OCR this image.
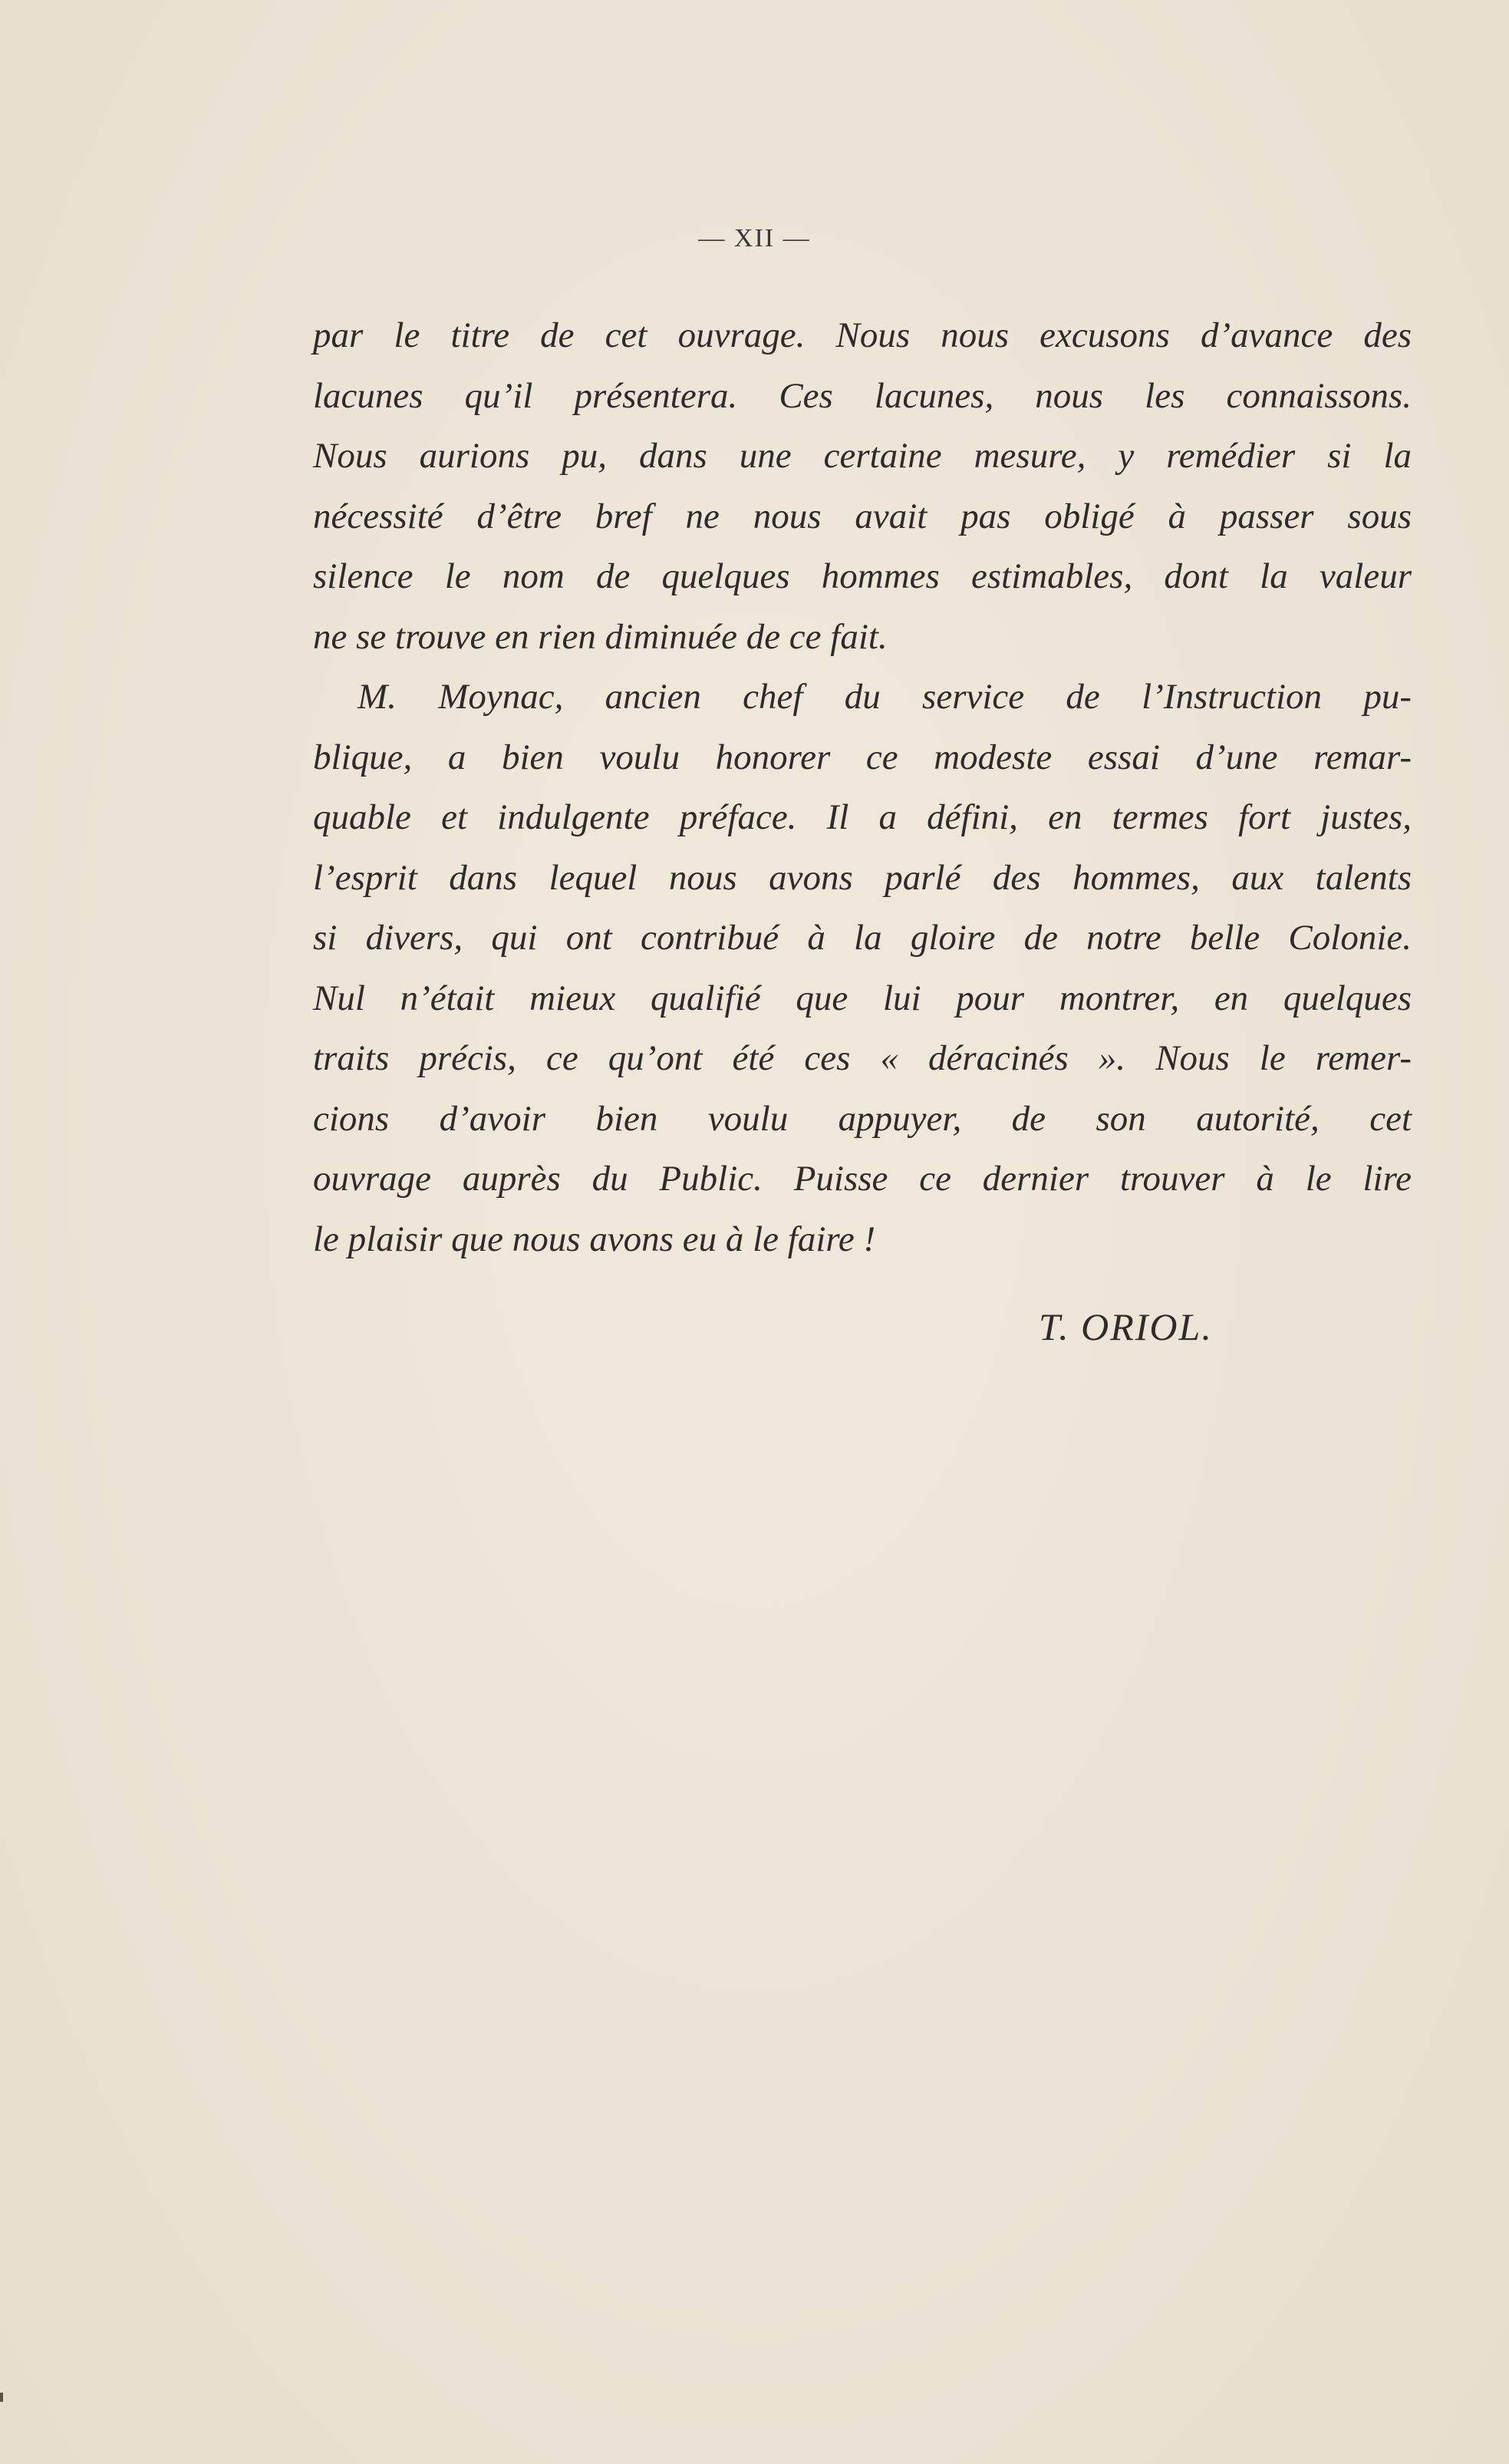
— XII —

par le titre de cet ouvrage. Nous nous excusons d’avance des

lacunes qu’il présentera. Ces lacunes, nous les connaissons.

Nous aurions pu, dans une certaine mesure, y remédier si la

nécessité d’être bref ne nous avait pas obligé à passer sous

silence le nom de quelques hommes estimables, dont la valeur

ne se trouve en rien diminuée de ce fait.

M. Moynac, ancien chef du service de l’Instruction pu-

blique, a bien voulu honorer ce modeste essai d’une remar-

quable et indulgente préface. Il a défini, en termes fort justes,

l’esprit dans lequel nous avons parlé des hommes, aux talents

si divers, qui ont contribué à la gloire de notre belle Colonie.

Nul n’était mieux qualifié que lui pour montrer, en quelques

traits précis, ce qu’ont été ces « déracinés ». Nous le remer-

cions d’avoir bien voulu appuyer, de son autorité, cet

ouvrage auprès du Public. Puisse ce dernier trouver à le lire

le plaisir que nous avons eu à le faire !

T. ORIOL.
